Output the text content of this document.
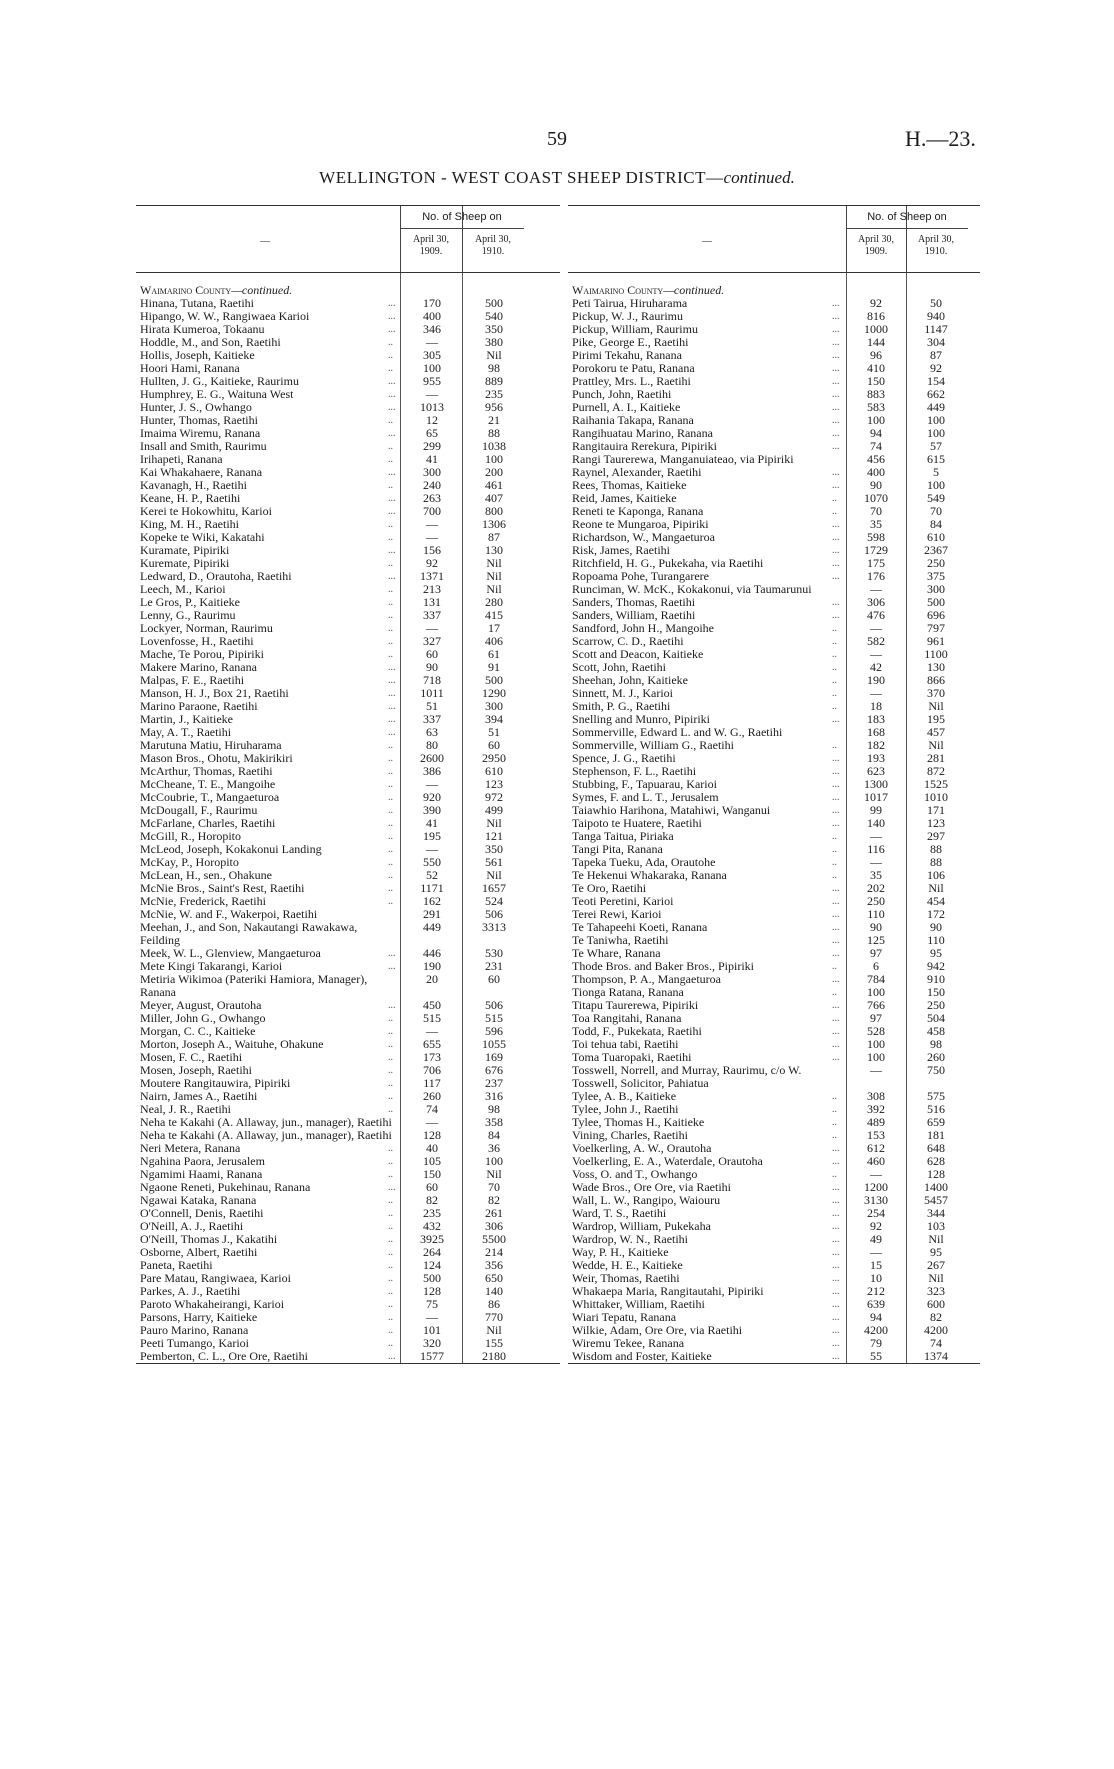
59	H.—23.
WELLINGTON - WEST COAST SHEEP DISTRICT—continued.
—
No. of Sheep on
April 30, 1909.
April 30, 1910.
Waimarino County—continued.
Hinana, Tutana, Raetihi	...	170	500
Hipango, W. W., Rangiwaea Karioi	...	400	540
Hirata Kumeroa, Tokaanu	...	346	350
Hoddle, M., and Son, Raetihi	..	—	380
Hollis, Joseph, Kaitieke	..	305	Nil
Hoori Hami, Ranana	..	100	98
Hullten, J. G., Kaitieke, Raurimu	...	955	889
Humphrey, E. G., Waituna West	...	—	235
Hunter, J. S., Owhango	...	1013	956
Hunter, Thomas, Raetihi	..	12	21
Imaima Wiremu, Ranana	...	65	88
Insall and Smith, Raurimu	..	299	1038
Irihapeti, Ranana	..	41	100
Kai Whakahaere, Ranana	...	300	200
Kavanagh, H., Raetihi	..	240	461
Keane, H. P., Raetihi	...	263	407
Kerei te Hokowhitu, Karioi	...	700	800
King, M. H., Raetihi	..	—	1306
Kopeke te Wiki, Kakatahi	..	—	87
Kuramate, Pipiriki	...	156	130
Kuremate, Pipiriki	..	92	Nil
Ledward, D., Orautoha, Raetihi	...	1371	Nil
Leech, M., Karioi	..	213	Nil
Le Gros, P., Kaitieke	..	131	280
Lenny, G., Raurimu	..	337	415
Lockyer, Norman, Raurimu	..	—	17
Lovenfosse, H., Raetihi	..	327	406
Mache, Te Porou, Pipiriki	..	60	61
Makere Marino, Ranana	...	90	91
Malpas, F. E., Raetihi	...	718	500
Manson, H. J., Box 21, Raetihi	...	1011	1290
Marino Paraone, Raetihi	...	51	300
Martin, J., Kaitieke	...	337	394
May, A. T., Raetihi	...	63	51
Marutuna Matiu, Hiruharama	..	80	60
Mason Bros., Ohotu, Makirikiri	..	2600	2950
McArthur, Thomas, Raetihi	..	386	610
McCheane, T. E., Mangoihe	..	—	123
McCoubrie, T., Mangaeturoa	..	920	972
McDougall, F., Raurimu	..	390	499
McFarlane, Charles, Raetihi	..	41	Nil
McGill, R., Horopito	..	195	121
McLeod, Joseph, Kokakonui Landing	..	—	350
McKay, P., Horopito	..	550	561
McLean, H., sen., Ohakune	..	52	Nil
McNie Bros., Saint's Rest, Raetihi	..	1171	1657
McNie, Frederick, Raetihi	..	162	524
McNie, W. and F., Wakerpoi, Raetihi	291	506
Meehan, J., and Son, Nakautangi Rawakawa, Feilding
449	3313
Meek, W. L., Glenview, Mangaeturoa	...	446	530
Mete Kingi Takarangi, Karioi	...	190	231
Metiria Wikimoa (Pateriki Hamiora, Manager), Ranana
20	60
Meyer, August, Orautoha	...	450	506
Miller, John G., Owhango	..	515	515
Morgan, C. C., Kaitieke	..	—	596
Morton, Joseph A., Waituhe, Ohakune	..	655	1055
Mosen, F. C., Raetihi	..	173	169
Mosen, Joseph, Raetihi	..	706	676
Moutere Rangitauwira, Pipiriki	..	117	237
Nairn, James A., Raetihi	..	260	316
Neal, J. R., Raetihi	..	74	98
Neha te Kakahi (A. Allaway, jun., manager), Raetihi	—	358
Neha te Kakahi (A. Allaway, jun., manager), Raetihi	128	84
Neri Metera, Ranana	..	40	36
Ngahina Paora, Jerusalem	..	105	100
Ngamimi Haami, Ranana	..	150	Nil
Ngaone Reneti, Pukehinau, Ranana	...	60	70
Ngawai Kataka, Ranana	..	82	82
O'Connell, Denis, Raetihi	..	235	261
O'Neill, A. J., Raetihi	..	432	306
O'Neill, Thomas J., Kakatihi	..	3925	5500
Osborne, Albert, Raetihi	..	264	214
Paneta, Raetihi	..	124	356
Pare Matau, Rangiwaea, Karioi	..	500	650
Parkes, A. J., Raetihi	..	128	140
Paroto Whakaheirangi, Karioi	..	75	86
Parsons, Harry, Kaitieke	..	—	770
Pauro Marino, Ranana	..	101	Nil
Peeti Tumango, Karioi	..	320	155
Pemberton, C. L., Ore Ore, Raetihi	...	1577	2180
—
No. of Sheep on
April 30, 1909.
April 30, 1910.
Waimarino County—continued.
Peti Tairua, Hiruharama	...	92	50
Pickup, W. J., Raurimu	...	816	940
Pickup, William, Raurimu	...	1000	1147
Pike, George E., Raetihi	...	144	304
Pirimi Tekahu, Ranana	...	96	87
Porokoru te Patu, Ranana	...	410	92
Prattley, Mrs. L., Raetihi	...	150	154
Punch, John, Raetihi	...	883	662
Purnell, A. I., Kaitieke	...	583	449
Raihania Takapa, Ranana	...	100	100
Rangihuatau Marino, Ranana	...	94	100
Rangitauira Rerekura, Pipiriki	...	74	57
Rangi Taurerewa, Manganuiateao, via Pipiriki	456	615
Raynel, Alexander, Raetihi	...	400	5
Rees, Thomas, Kaitieke	...	90	100
Reid, James, Kaitieke	..	1070	549
Reneti te Kaponga, Ranana	..	70	70
Reone te Mungaroa, Pipiriki	...	35	84
Richardson, W., Mangaeturoa	...	598	610
Risk, James, Raetihi	...	1729	2367
Ritchfield, H. G., Pukekaha, via Raetihi	...	175	250
Ropoama Pohe, Turangarere	...	176	375
Runciman, W. McK., Kokakonui, via Taumarunui	—	300
Sanders, Thomas, Raetihi	...	306	500
Sanders, William, Raetihi	...	476	696
Sandford, John H., Mangoihe	..	—	797
Scarrow, C. D., Raetihi	..	582	961
Scott and Deacon, Kaitieke	..	—	1100
Scott, John, Raetihi	..	42	130
Sheehan, John, Kaitieke	..	190	866
Sinnett, M. J., Karioi	..	—	370
Smith, P. G., Raetihi	..	18	Nil
Snelling and Munro, Pipiriki	...	183	195
Sommerville, Edward L. and W. G., Raetihi	168	457
Sommerville, William G., Raetihi	..	182	Nil
Spence, J. G., Raetihi	...	193	281
Stephenson, F. L., Raetihi	...	623	872
Stubbing, F., Tapuarau, Karioi	...	1300	1525
Symes, F. and L. T., Jerusalem	...	1017	1010
Taiawhio Harihona, Matahiwi, Wanganui	...	99	171
Taipoto te Huatere, Raetihi	...	140	123
Tanga Taitua, Piriaka	..	—	297
Tangi Pita, Ranana	..	116	88
Tapeka Tueku, Ada, Orautohe	..	—	88
Te Hekenui Whakaraka, Ranana	..	35	106
Te Oro, Raetihi	...	202	Nil
Teoti Peretini, Karioi	...	250	454
Terei Rewi, Karioi	...	110	172
Te Tahapeehi Koeti, Ranana	...	90	90
Te Taniwha, Raetihi	...	125	110
Te Whare, Ranana	...	97	95
Thode Bros. and Baker Bros., Pipiriki	..	6	942
Thompson, P. A., Mangaeturoa	...	784	910
Tionga Ratana, Ranana	..	100	150
Titapu Taurerewa, Pipiriki	...	766	250
Toa Rangitahi, Ranana	...	97	504
Todd, F., Pukekata, Raetihi	...	528	458
Toi tehua tabi, Raetihi	...	100	98
Toma Tuaropaki, Raetihi	...	100	260
Tosswell, Norrell, and Murray, Raurimu, c/o W. Tosswell, Solicitor, Pahiatua
—	750
Tylee, A. B., Kaitieke	..	308	575
Tylee, John J., Raetihi	..	392	516
Tylee, Thomas H., Kaitieke	..	489	659
Vining, Charles, Raetihi	..	153	181
Voelkerling, A. W., Orautoha	...	612	648
Voelkerling, E. A., Waterdale, Orautoha	...	460	628
Voss, O. and T., Owhango	..	—	128
Wade Bros., Ore Ore, via Raetihi	...	1200	1400
Wall, L. W., Rangipo, Waiouru	...	3130	5457
Ward, T. S., Raetihi	...	254	344
Wardrop, William, Pukekaha	...	92	103
Wardrop, W. N., Raetihi	...	49	Nil
Way, P. H., Kaitieke	...	—	95
Wedde, H. E., Kaitieke	...	15	267
Weir, Thomas, Raetihi	...	10	Nil
Whakaepa Maria, Rangitautahi, Pipiriki	...	212	323
Whittaker, William, Raetihi	...	639	600
Wiari Tepatu, Ranana	...	94	82
Wilkie, Adam, Ore Ore, via Raetihi	...	4200	4200
Wiremu Tekee, Ranana	...	79	74
Wisdom and Foster, Kaitieke	...	55	1374
